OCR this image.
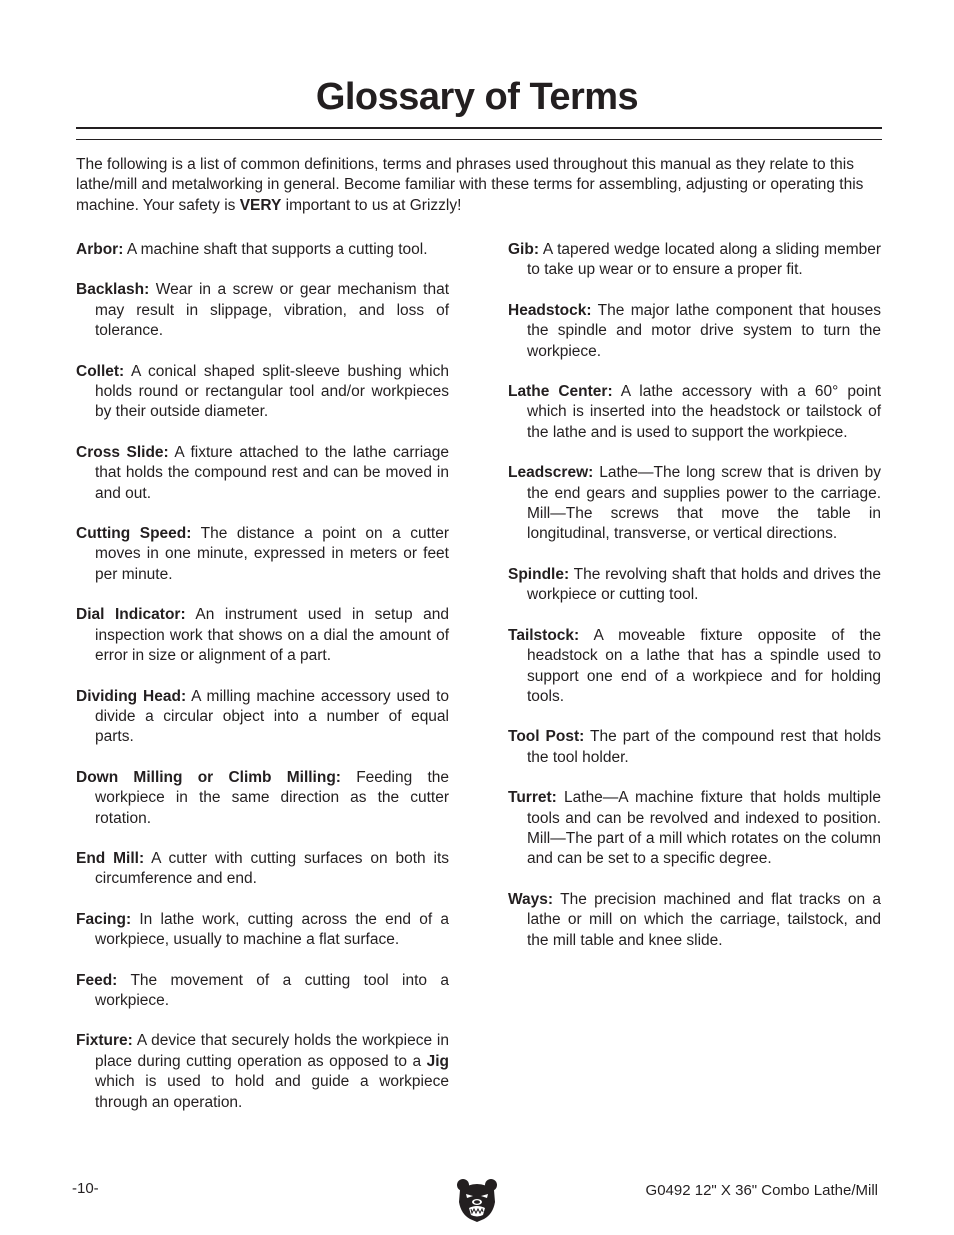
Glossary of Terms

The following is a list of common definitions, terms and phrases used throughout this manual as they relate to this lathe/mill and metalworking in general. Become familiar with these terms for assembling, adjusting or operating this machine. Your safety is VERY important to us at Grizzly!

Arbor: A machine shaft that supports a cutting tool.

Backlash: Wear in a screw or gear mechanism that may result in slippage, vibration, and loss of tolerance.

Collet: A conical shaped split-sleeve bushing which holds round or rectangular tool and/or workpieces by their outside diameter.

Cross Slide: A fixture attached to the lathe carriage that holds the compound rest and can be moved in and out.

Cutting Speed: The distance a point on a cutter moves in one minute, expressed in meters or feet per minute.

Dial Indicator: An instrument used in setup and inspection work that shows on a dial the amount of error in size or alignment of a part.

Dividing Head: A milling machine accessory used to divide a circular object into a number of equal parts.

Down Milling or Climb Milling: Feeding the workpiece in the same direction as the cutter rotation.

End Mill: A cutter with cutting surfaces on both its circumference and end.

Facing: In lathe work, cutting across the end of a workpiece, usually to machine a flat surface.

Feed: The movement of a cutting tool into a workpiece.

Fixture: A device that securely holds the workpiece in place during cutting operation as opposed to a Jig which is used to hold and guide a workpiece through an operation.

Gib: A tapered wedge located along a sliding member to take up wear or to ensure a proper fit.

Headstock: The major lathe component that houses the spindle and motor drive system to turn the workpiece.

Lathe Center: A lathe accessory with a 60° point which is inserted into the headstock or tailstock of the lathe and is used to support the workpiece.

Leadscrew: Lathe—The long screw that is driven by the end gears and supplies power to the carriage. Mill—The screws that move the table in longitudinal, transverse, or vertical directions.

Spindle: The revolving shaft that holds and drives the workpiece or cutting tool.

Tailstock: A moveable fixture opposite of the headstock on a lathe that has a spindle used to support one end of a workpiece and for holding tools.

Tool Post: The part of the compound rest that holds the tool holder.

Turret: Lathe—A machine fixture that holds multiple tools and can be revolved and indexed to position. Mill—The part of a mill which rotates on the column and can be set to a specific degree.

Ways: The precision machined and flat tracks on a lathe or mill on which the carriage, tailstock, and the mill table and knee slide.

-10-	G0492 12" X 36" Combo Lathe/Mill
